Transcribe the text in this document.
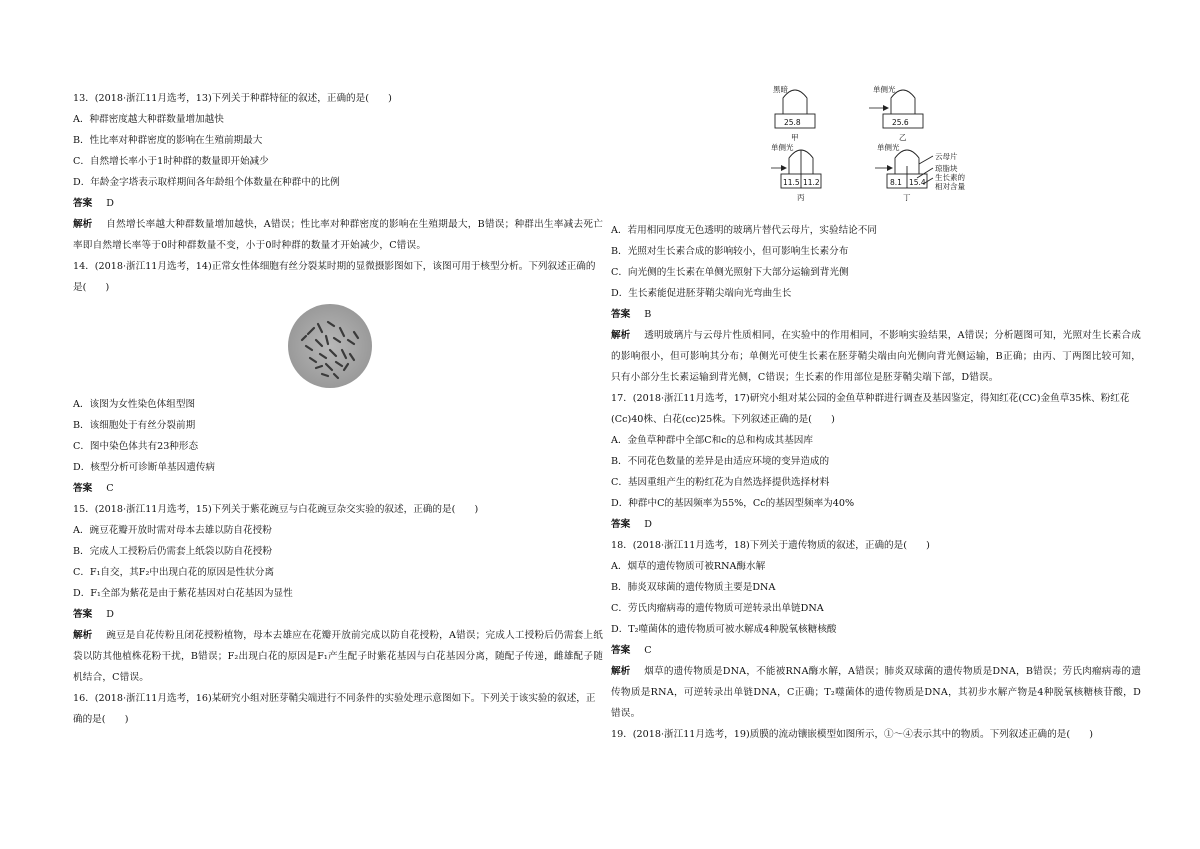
13．(2018·浙江11月选考，13)下列关于种群特征的叙述，正确的是(　　)

A．种群密度越大种群数量增加越快

B．性比率对种群密度的影响在生殖前期最大

C．自然增长率小于1时种群的数量即开始减少

D．年龄金字塔表示取样期间各年龄组个体数量在种群中的比例

答案 D

解析 自然增长率越大种群数量增加越快，A错误；性比率对种群密度的影响在生殖期最大，B错误；种群出生率减去死亡率即自然增长率等于0时种群数量不变，小于0时种群的数量才开始减少，C错误。

14．(2018·浙江11月选考，14)正常女性体细胞有丝分裂某时期的显微摄影图如下，该图可用于核型分析。下列叙述正确的是(　　)

A．该图为女性染色体组型图

B．该细胞处于有丝分裂前期

C．图中染色体共有23种形态

D．核型分析可诊断单基因遗传病

答案 C

15．(2018·浙江11月选考，15)下列关于紫花豌豆与白花豌豆杂交实验的叙述，正确的是(　　)

A．豌豆花瓣开放时需对母本去雄以防自花授粉

B．完成人工授粉后仍需套上纸袋以防自花授粉

C．F₁自交，其F₂中出现白花的原因是性状分离

D．F₁全部为紫花是由于紫花基因对白花基因为显性

答案 D

解析 豌豆是自花传粉且闭花授粉植物，母本去雄应在花瓣开放前完成以防自花授粉，A错误；完成人工授粉后仍需套上纸袋以防其他植株花粉干扰，B错误；F₂出现白花的原因是F₁产生配子时紫花基因与白花基因分离，随配子传递，雌雄配子随机结合，C错误。

16．(2018·浙江11月选考，16)某研究小组对胚芽鞘尖端进行不同条件的实验处理示意图如下。下列关于该实验的叙述，正确的是(　　)

黑暗
25.8
甲
单侧光
25.6
乙
单侧光
11.5 11.2
丙
单侧光
8.1 15.4
丁
云母片
琼脂块
生长素的
相对含量

A．若用相同厚度无色透明的玻璃片替代云母片，实验结论不同

B．光照对生长素合成的影响较小，但可影响生长素分布

C．向光侧的生长素在单侧光照射下大部分运输到背光侧

D．生长素能促进胚芽鞘尖端向光弯曲生长

答案 B

解析 透明玻璃片与云母片性质相同，在实验中的作用相同，不影响实验结果，A错误；分析题图可知，光照对生长素合成的影响很小，但可影响其分布；单侧光可使生长素在胚芽鞘尖端由向光侧向背光侧运输，B正确；由丙、丁两图比较可知，只有小部分生长素运输到背光侧，C错误；生长素的作用部位是胚芽鞘尖端下部，D错误。

17．(2018·浙江11月选考，17)研究小组对某公园的金鱼草种群进行调查及基因鉴定，得知红花(CC)金鱼草35株、粉红花(Cc)40株、白花(cc)25株。下列叙述正确的是(　　)

A．金鱼草种群中全部C和c的总和构成其基因库

B．不同花色数量的差异是由适应环境的变异造成的

C．基因重组产生的粉红花为自然选择提供选择材料

D．种群中C的基因频率为55%，Cc的基因型频率为40%

答案 D

18．(2018·浙江11月选考，18)下列关于遗传物质的叙述，正确的是(　　)

A．烟草的遗传物质可被RNA酶水解

B．肺炎双球菌的遗传物质主要是DNA

C．劳氏肉瘤病毒的遗传物质可逆转录出单链DNA

D．T₂噬菌体的遗传物质可被水解成4种脱氧核糖核酸

答案 C

解析 烟草的遗传物质是DNA，不能被RNA酶水解，A错误；肺炎双球菌的遗传物质是DNA，B错误；劳氏肉瘤病毒的遗传物质是RNA，可逆转录出单链DNA，C正确；T₂噬菌体的遗传物质是DNA，其初步水解产物是4种脱氧核糖核苷酸，D错误。

19．(2018·浙江11月选考，19)质膜的流动镶嵌模型如图所示，①～④表示其中的物质。下列叙述正确的是(　　)
